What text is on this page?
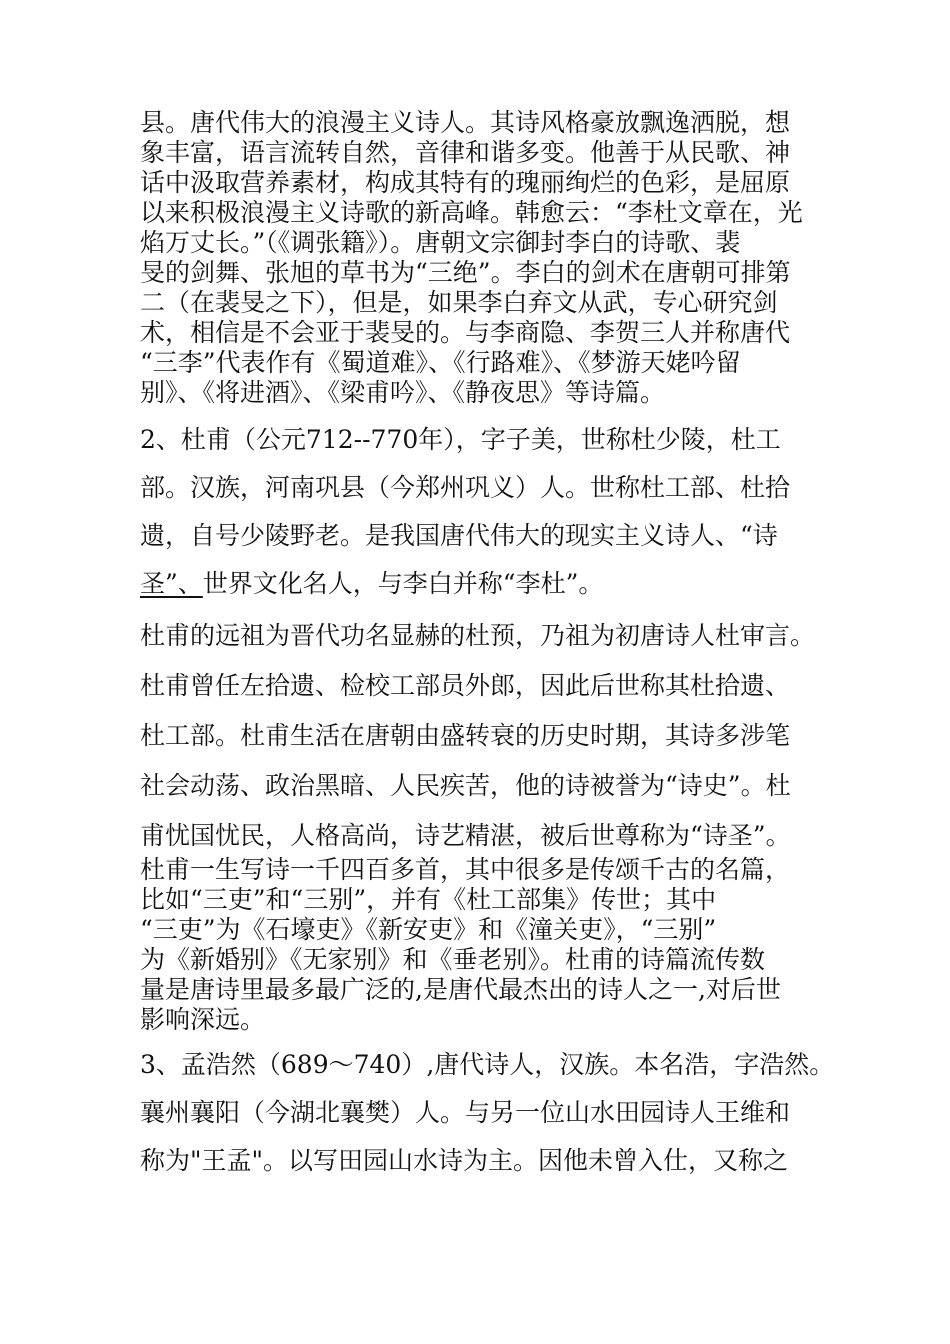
县。唐代伟大的浪漫主义诗人。其诗风格豪放飘逸洒脱，想
象丰富，语言流转自然，音律和谐多变。他善于从民歌、神
话中汲取营养素材，构成其特有的瑰丽绚烂的色彩，是屈原
以来积极浪漫主义诗歌的新高峰。韩愈云：“李杜文章在，光
焰万丈长。”（《调张籍》）。唐朝文宗御封李白的诗歌、裴
旻的剑舞、张旭的草书为“三绝”。李白的剑术在唐朝可排第
二（在裴旻之下），但是，如果李白弃文从武，专心研究剑
术，相信是不会亚于裴旻的。与李商隐、李贺三人并称唐代
“三李”代表作有《蜀道难》、《行路难》、《梦游天姥吟留
别》、《将进酒》、《梁甫吟》、《静夜思》等诗篇。
2、杜甫（公元712--770年），字子美，世称杜少陵，杜工
部。汉族，河南巩县（今郑州巩义）人。世称杜工部、杜拾
遗，自号少陵野老。是我国唐代伟大的现实主义诗人、“诗
圣”、世界文化名人，与李白并称“李杜”。
杜甫的远祖为晋代功名显赫的杜预，乃祖为初唐诗人杜审言。
杜甫曾任左拾遗、检校工部员外郎，因此后世称其杜拾遗、
杜工部。杜甫生活在唐朝由盛转衰的历史时期，其诗多涉笔
社会动荡、政治黑暗、人民疾苦，他的诗被誉为“诗史”。杜
甫忧国忧民，人格高尚，诗艺精湛，被后世尊称为“诗圣”。
杜甫一生写诗一千四百多首，其中很多是传颂千古的名篇，
比如“三吏”和“三别”，并有《杜工部集》传世；其中
“三吏”为《石壕吏》《新安吏》和《潼关吏》，“三别”
为《新婚别》《无家别》和《垂老别》。杜甫的诗篇流传数
量是唐诗里最多最广泛的,是唐代最杰出的诗人之一,对后世
影响深远。
3、孟浩然（689～740）,唐代诗人，汉族。本名浩，字浩然。
襄州襄阳（今湖北襄樊）人。与另一位山水田园诗人王维和
称为"王孟"。以写田园山水诗为主。因他未曾入仕，又称之
